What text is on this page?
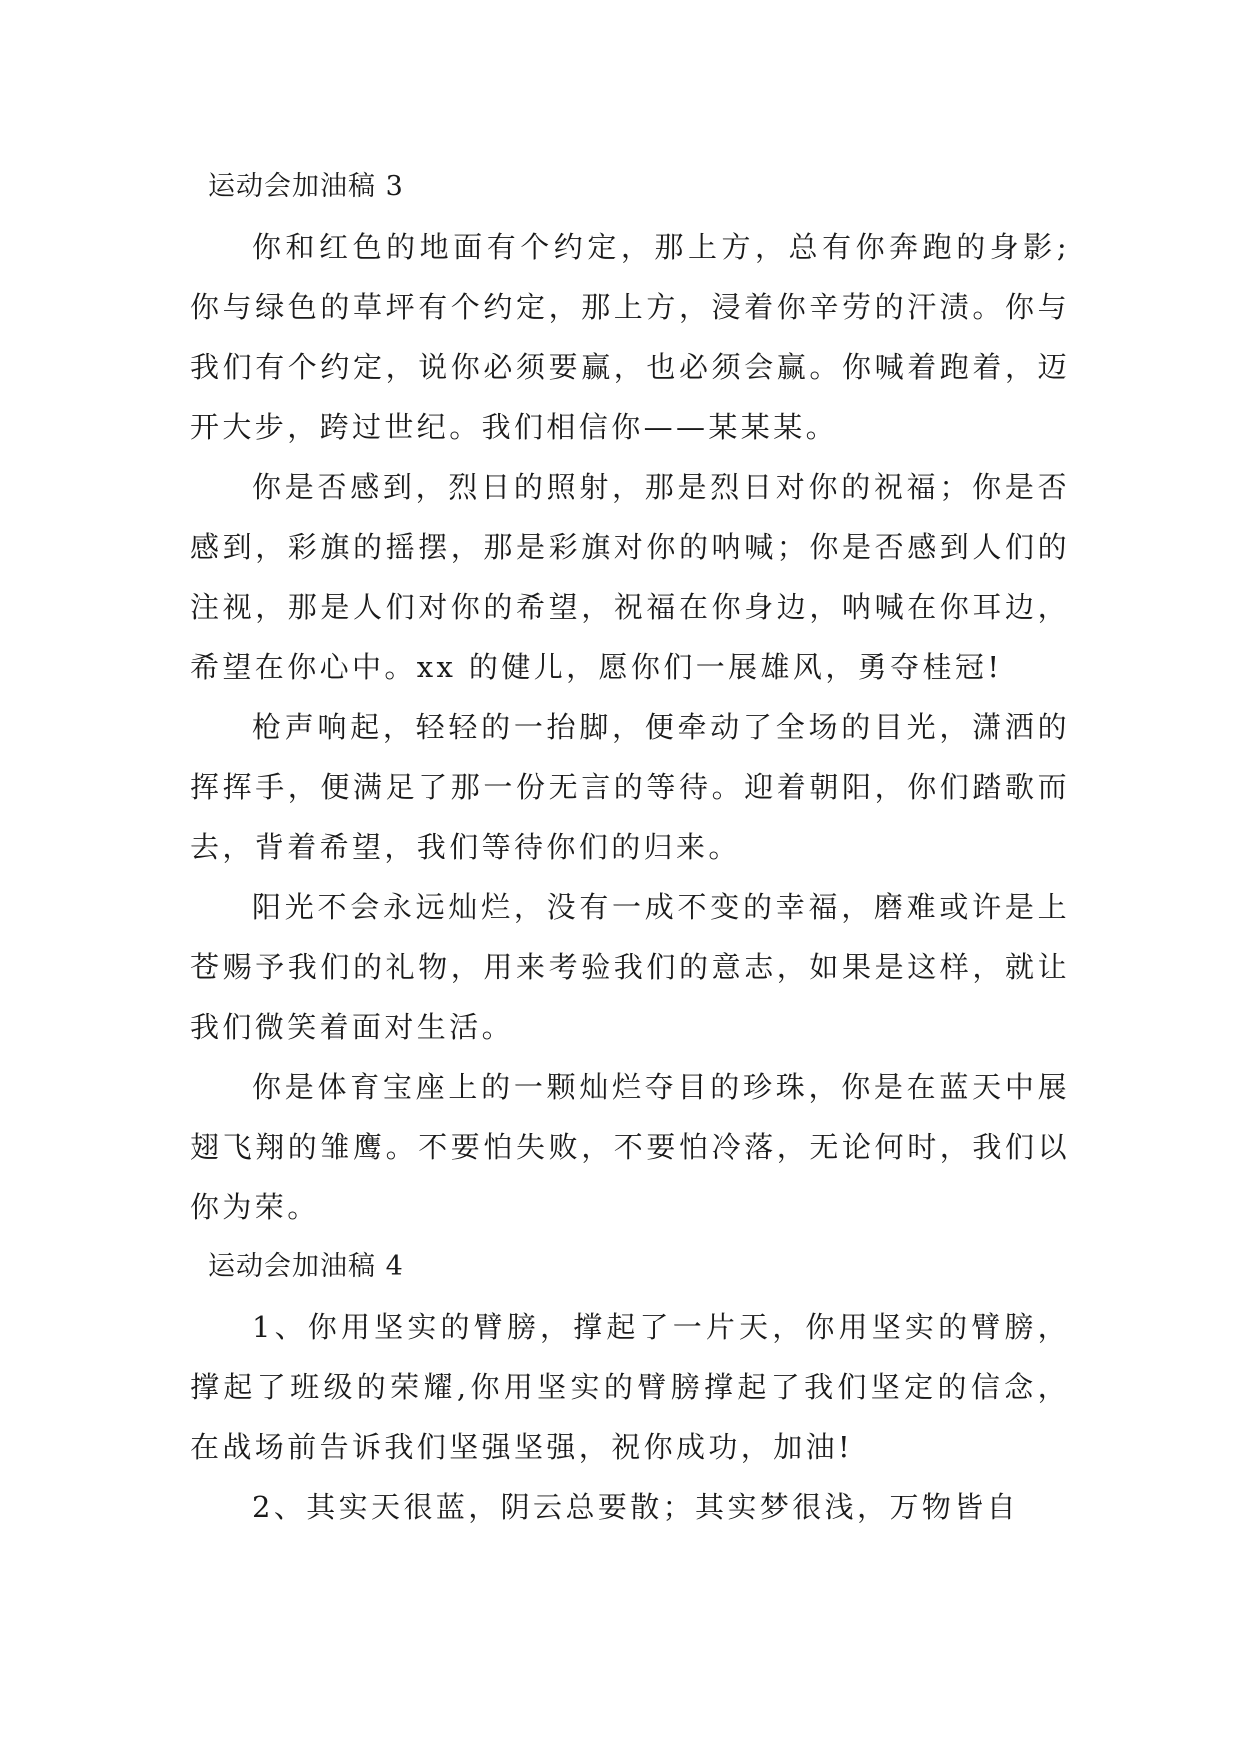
运动会加油稿 3

你和红色的地面有个约定，那上方，总有你奔跑的身影;你与绿色的草坪有个约定，那上方，浸着你辛劳的汗渍。你与我们有个约定，说你必须要赢，也必须会赢。你喊着跑着，迈开大步，跨过世纪。我们相信你——某某某。

你是否感到，烈日的照射，那是烈日对你的祝福；你是否感到，彩旗的摇摆，那是彩旗对你的呐喊；你是否感到人们的注视，那是人们对你的希望，祝福在你身边，呐喊在你耳边，希望在你心中。xx 的健儿，愿你们一展雄风，勇夺桂冠!

枪声响起，轻轻的一抬脚，便牵动了全场的目光，潇洒的挥挥手，便满足了那一份无言的等待。迎着朝阳，你们踏歌而去，背着希望，我们等待你们的归来。

阳光不会永远灿烂，没有一成不变的幸福，磨难或许是上苍赐予我们的礼物，用来考验我们的意志，如果是这样，就让我们微笑着面对生活。

你是体育宝座上的一颗灿烂夺目的珍珠，你是在蓝天中展翅飞翔的雏鹰。不要怕失败，不要怕冷落，无论何时，我们以你为荣。

运动会加油稿 4

1、你用坚实的臂膀，撑起了一片天，你用坚实的臂膀，撑起了班级的荣耀,你用坚实的臂膀撑起了我们坚定的信念，在战场前告诉我们坚强坚强，祝你成功，加油!

2、其实天很蓝，阴云总要散；其实梦很浅，万物皆自
